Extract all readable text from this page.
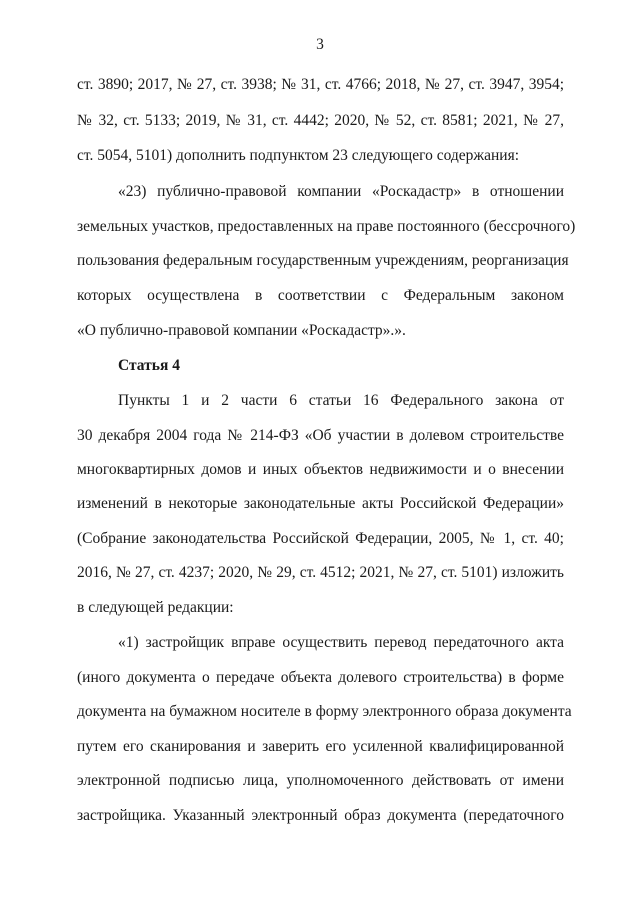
3
ст. 3890; 2017, № 27, ст. 3938; № 31, ст. 4766; 2018, № 27, ст. 3947, 3954;
№ 32, ст. 5133; 2019, № 31, ст. 4442; 2020, № 52, ст. 8581; 2021, № 27,
ст. 5054, 5101) дополнить подпунктом 23 следующего содержания:
«23) публично-правовой компании «Роскадастр» в отношении
земельных участков, предоставленных на праве постоянного (бессрочного)
пользования федеральным государственным учреждениям, реорганизация
которых осуществлена в соответствии с Федеральным законом
«О публично-правовой компании «Роскадастр».».
Статья 4
Пункты 1 и 2 части 6 статьи 16 Федерального закона от
30 декабря 2004 года № 214-ФЗ «Об участии в долевом строительстве
многоквартирных домов и иных объектов недвижимости и о внесении
изменений в некоторые законодательные акты Российской Федерации»
(Собрание законодательства Российской Федерации, 2005, № 1, ст. 40;
2016, № 27, ст. 4237; 2020, № 29, ст. 4512; 2021, № 27, ст. 5101) изложить
в следующей редакции:
«1) застройщик вправе осуществить перевод передаточного акта
(иного документа о передаче объекта долевого строительства) в форме
документа на бумажном носителе в форму электронного образа документа
путем его сканирования и заверить его усиленной квалифицированной
электронной подписью лица, уполномоченного действовать от имени
застройщика. Указанный электронный образ документа (передаточного
